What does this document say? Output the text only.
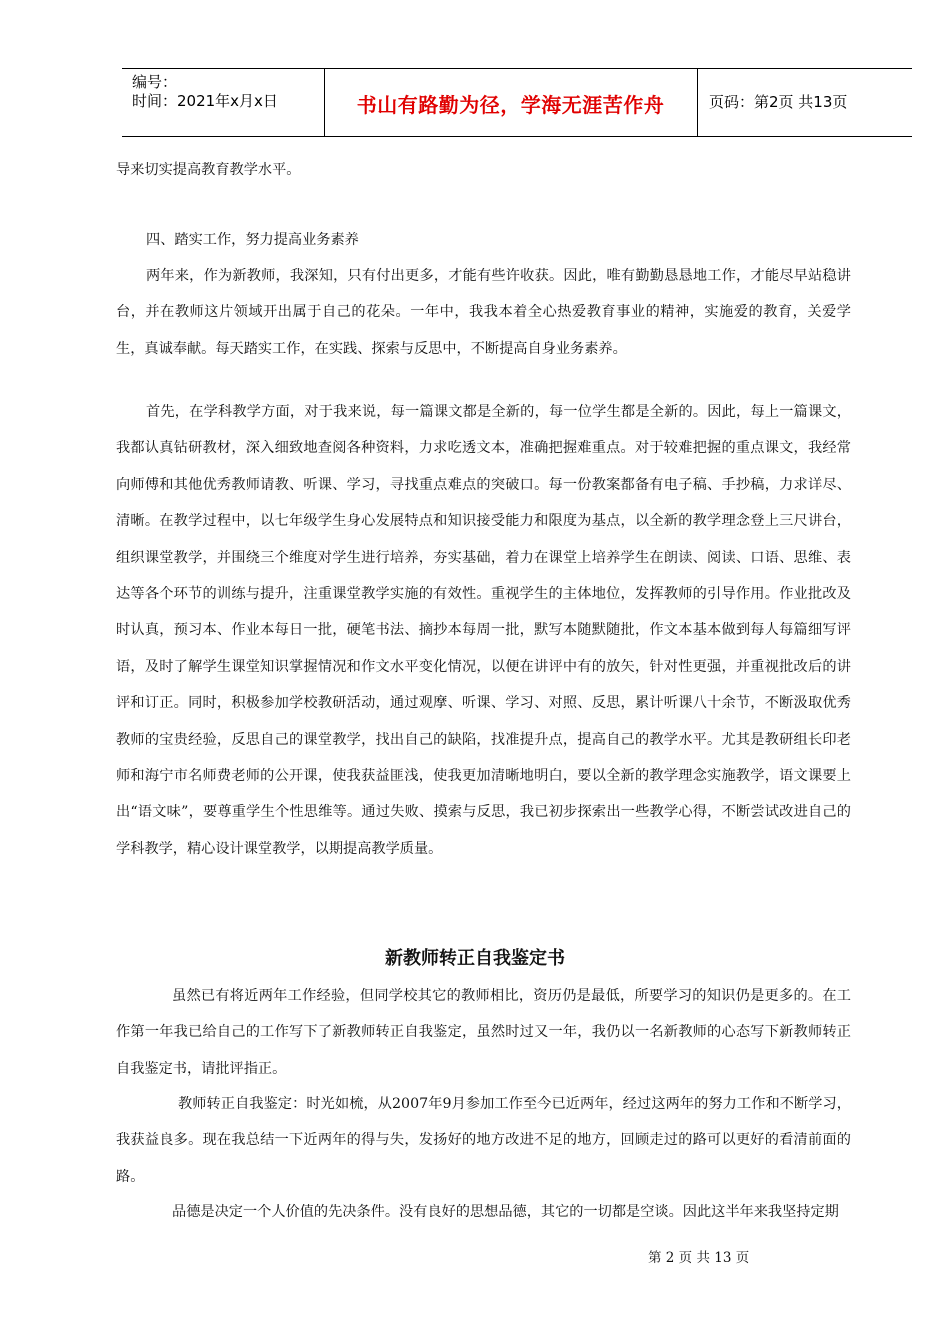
编号：
时间：2021年x月x日	书山有路勤为径，学海无涯苦作舟	页码：第2页 共13页

导来切实提高教育教学水平。

四、踏实工作，努力提高业务素养

两年来，作为新教师，我深知，只有付出更多，才能有些许收获。因此，唯有勤勤恳恳地工作，才能尽早站稳讲台，并在教师这片领域开出属于自己的花朵。一年中，我我本着全心热爱教育事业的精神，实施爱的教育，关爱学生，真诚奉献。每天踏实工作，在实践、探索与反思中，不断提高自身业务素养。

首先，在学科教学方面，对于我来说，每一篇课文都是全新的，每一位学生都是全新的。因此，每上一篇课文，我都认真钻研教材，深入细致地查阅各种资料，力求吃透文本，准确把握难重点。对于较难把握的重点课文，我经常向师傅和其他优秀教师请教、听课、学习，寻找重点难点的突破口。每一份教案都备有电子稿、手抄稿，力求详尽、清晰。在教学过程中，以七年级学生身心发展特点和知识接受能力和限度为基点，以全新的教学理念登上三尺讲台，组织课堂教学，并围绕三个维度对学生进行培养，夯实基础，着力在课堂上培养学生在朗读、阅读、口语、思维、表达等各个环节的训练与提升，注重课堂教学实施的有效性。重视学生的主体地位，发挥教师的引导作用。作业批改及时认真，预习本、作业本每日一批，硬笔书法、摘抄本每周一批，默写本随默随批，作文本基本做到每人每篇细写评语，及时了解学生课堂知识掌握情况和作文水平变化情况，以便在讲评中有的放矢，针对性更强，并重视批改后的讲评和订正。同时，积极参加学校教研活动，通过观摩、听课、学习、对照、反思，累计听课八十余节，不断汲取优秀教师的宝贵经验，反思自己的课堂教学，找出自己的缺陷，找准提升点，提高自己的教学水平。尤其是教研组长印老师和海宁市名师费老师的公开课，使我获益匪浅，使我更加清晰地明白，要以全新的教学理念实施教学，语文课要上出“语文味”，要尊重学生个性思维等。通过失败、摸索与反思，我已初步探索出一些教学心得，不断尝试改进自己的学科教学，精心设计课堂教学，以期提高教学质量。

新教师转正自我鉴定书

虽然已有将近两年工作经验，但同学校其它的教师相比，资历仍是最低，所要学习的知识仍是更多的。在工作第一年我已给自己的工作写下了新教师转正自我鉴定，虽然时过又一年，我仍以一名新教师的心态写下新教师转正自我鉴定书，请批评指正。

教师转正自我鉴定：时光如梳，从2007年9月参加工作至今已近两年，经过这两年的努力工作和不断学习，我获益良多。现在我总结一下近两年的得与失，发扬好的地方改进不足的地方，回顾走过的路可以更好的看清前面的路。

品德是决定一个人价值的先决条件。没有良好的思想品德，其它的一切都是空谈。因此这半年来我坚持定期

第 2 页 共 13 页
